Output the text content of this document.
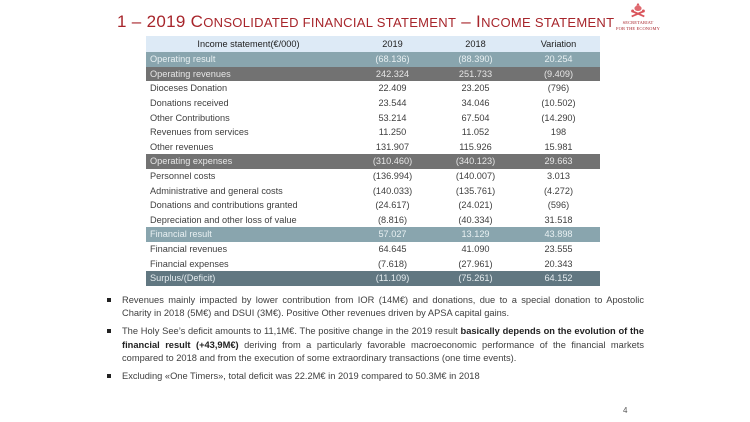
1 – 2019 CONSOLIDATED FINANCIAL STATEMENT – INCOME STATEMENT	SECRETARIAT
FOR THE ECONOMY
Income statement(€/000)	2019	2018	Variation
Operating result	(68.136)	(88.390)	20.254
Operating revenues	242.324	251.733	(9.409)
Dioceses Donation	22.409	23.205	(796)
Donations received	23.544	34.046	(10.502)
Other Contributions	53.214	67.504	(14.290)
Revenues from services	11.250	11.052	198
Other revenues	131.907	115.926	15.981
Operating expenses	(310.460)	(340.123)	29.663
Personnel costs	(136.994)	(140.007)	3.013
Administrative and general costs	(140.033)	(135.761)	(4.272)
Donations and contributions granted	(24.617)	(24.021)	(596)
Depreciation and other loss of value	(8.816)	(40.334)	31.518
Financial result	57.027	13.129	43.898
Financial revenues	64.645	41.090	23.555
Financial expenses	(7.618)	(27.961)	20.343
Surplus/(Deficit)	(11.109)	(75.261)	64.152
Revenues mainly impacted by lower contribution from IOR (14M€) and donations, due to a special donation to Apostolic Charity in 2018 (5M€) and DSUI (3M€). Positive Other revenues driven by APSA capital gains.
The Holy See’s deficit amounts to 11,1M€. The positive change in the 2019 result basically depends on the evolution of the financial result (+43,9M€) deriving from a particularly favorable macroeconomic performance of the financial markets compared to 2018 and from the execution of some extraordinary transactions (one time events).
Excluding «One Timers», total deficit was 22.2M€ in 2019 compared to 50.3M€ in 2018
4
